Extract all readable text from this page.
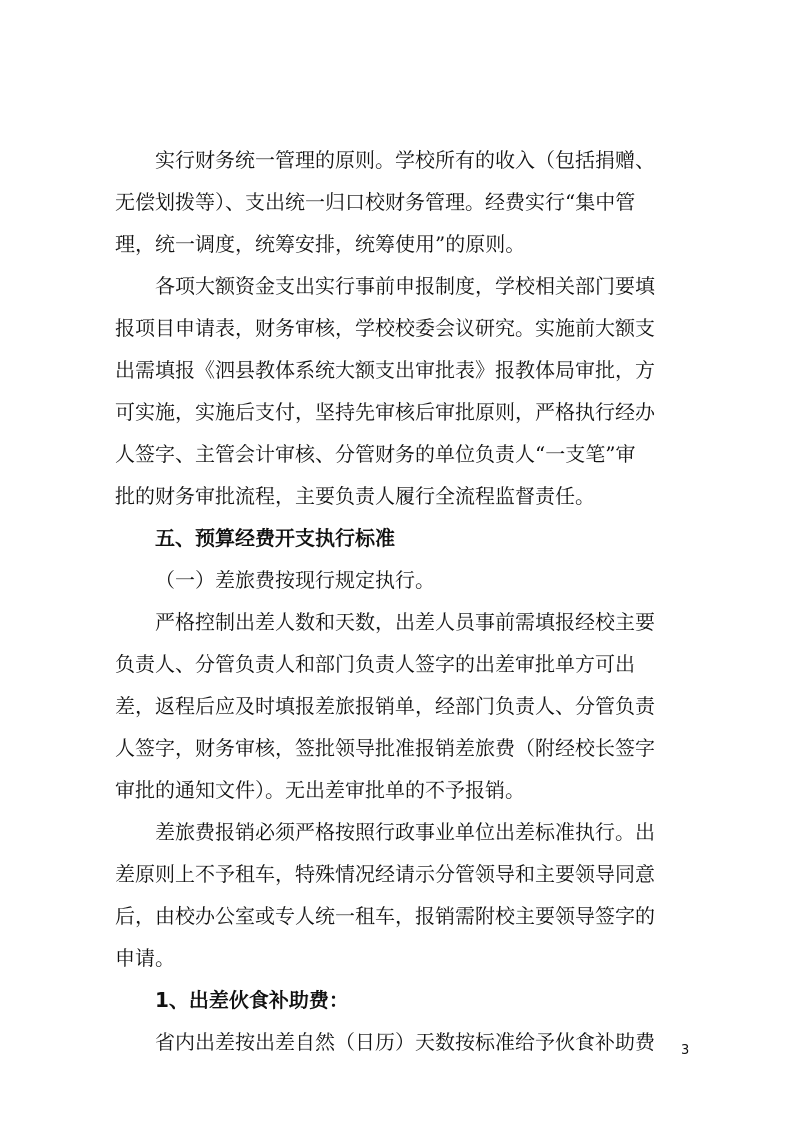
实行财务统一管理的原则。学校所有的收入（包括捐赠、
无偿划拨等）、支出统一归口校财务管理。经费实行“集中管
理，统一调度，统筹安排，统筹使用”的原则。
各项大额资金支出实行事前申报制度，学校相关部门要填
报项目申请表，财务审核，学校校委会议研究。实施前大额支
出需填报《泗县教体系统大额支出审批表》报教体局审批，方
可实施，实施后支付，坚持先审核后审批原则，严格执行经办
人签字、主管会计审核、分管财务的单位负责人“一支笔”审
批的财务审批流程，主要负责人履行全流程监督责任。
五、预算经费开支执行标准
（一）差旅费按现行规定执行。
严格控制出差人数和天数，出差人员事前需填报经校主要
负责人、分管负责人和部门负责人签字的出差审批单方可出
差，返程后应及时填报差旅报销单，经部门负责人、分管负责
人签字，财务审核，签批领导批准报销差旅费（附经校长签字
审批的通知文件）。无出差审批单的不予报销。
差旅费报销必须严格按照行政事业单位出差标准执行。出
差原则上不予租车，特殊情况经请示分管领导和主要领导同意
后，由校办公室或专人统一租车，报销需附校主要领导签字的
申请。
1、出差伙食补助费：
省内出差按出差自然（日历）天数按标准给予伙食补助费	3
